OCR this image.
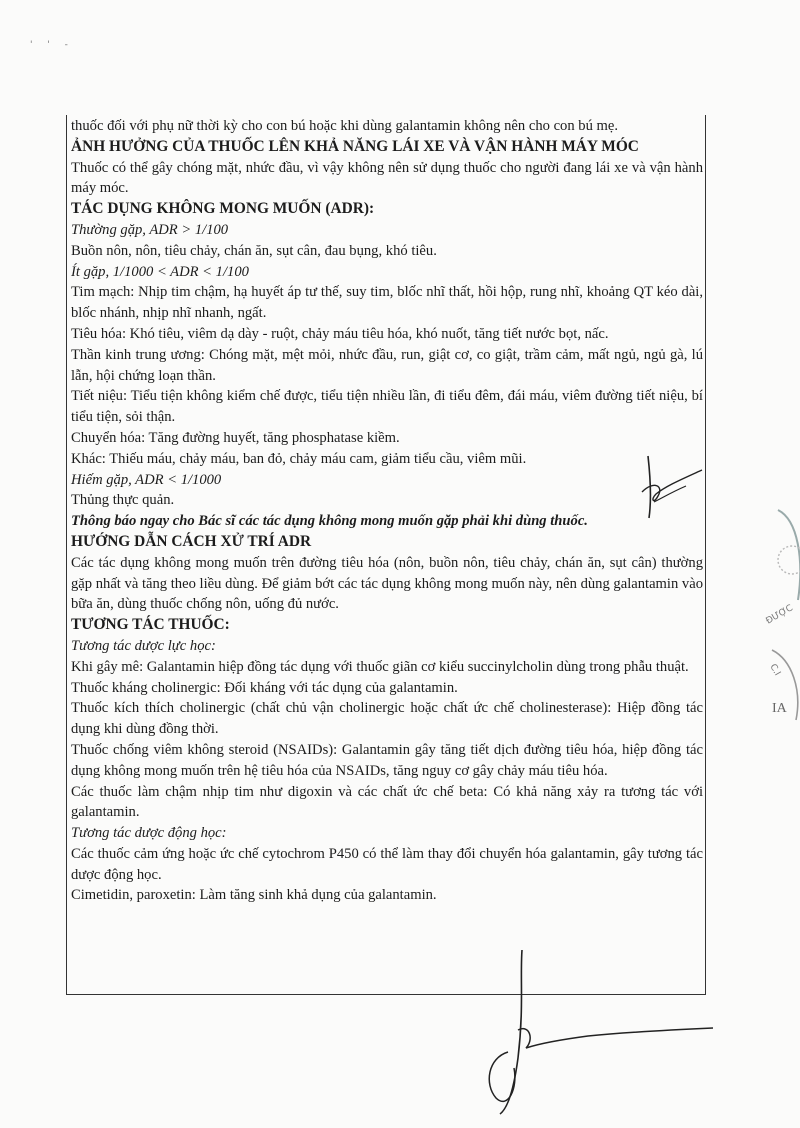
' ' -

thuốc đối với phụ nữ thời kỳ cho con bú hoặc khi dùng galantamin không nên cho con bú mẹ.

ẢNH HƯỞNG CỦA THUỐC LÊN KHẢ NĂNG LÁI XE VÀ VẬN HÀNH MÁY MÓC

Thuốc có thể gây chóng mặt, nhức đầu, vì vậy không nên sử dụng thuốc cho người đang lái xe và vận hành máy móc.

TÁC DỤNG KHÔNG MONG MUỐN (ADR):

Thường gặp, ADR > 1/100

Buồn nôn, nôn, tiêu chảy, chán ăn, sụt cân, đau bụng, khó tiêu.

Ít gặp, 1/1000 < ADR < 1/100

Tim mạch: Nhịp tim chậm, hạ huyết áp tư thế, suy tim, blốc nhĩ thất, hồi hộp, rung nhĩ, khoảng QT kéo dài, blốc nhánh, nhịp nhĩ nhanh, ngất.

Tiêu hóa: Khó tiêu, viêm dạ dày - ruột, chảy máu tiêu hóa, khó nuốt, tăng tiết nước bọt, nấc.

Thần kinh trung ương: Chóng mặt, mệt mỏi, nhức đầu, run, giật cơ, co giật, trầm cảm, mất ngủ, ngủ gà, lú lẫn, hội chứng loạn thần.

Tiết niệu: Tiểu tiện không kiểm chế được, tiểu tiện nhiều lần, đi tiểu đêm, đái máu, viêm đường tiết niệu, bí tiểu tiện, sỏi thận.

Chuyển hóa: Tăng đường huyết, tăng phosphatase kiềm.

Khác: Thiếu máu, chảy máu, ban đỏ, chảy máu cam, giảm tiểu cầu, viêm mũi.

Hiếm gặp, ADR < 1/1000

Thủng thực quản.

Thông báo ngay cho Bác sĩ các tác dụng không mong muốn gặp phải khi dùng thuốc.

HƯỚNG DẪN CÁCH XỬ TRÍ ADR

Các tác dụng không mong muốn trên đường tiêu hóa (nôn, buồn nôn, tiêu chảy, chán ăn, sụt cân) thường gặp nhất và tăng theo liều dùng. Để giảm bớt các tác dụng không mong muốn này, nên dùng galantamin vào bữa ăn, dùng thuốc chống nôn, uống đủ nước.

TƯƠNG TÁC THUỐC:

Tương tác dược lực học:

Khi gây mê: Galantamin hiệp đồng tác dụng với thuốc giãn cơ kiểu succinylcholin dùng trong phẫu thuật.

Thuốc kháng cholinergic: Đối kháng với tác dụng của galantamin.

Thuốc kích thích cholinergic (chất chủ vận cholinergic hoặc chất ức chế cholinesterase): Hiệp đồng tác dụng khi dùng đồng thời.

Thuốc chống viêm không steroid (NSAIDs): Galantamin gây tăng tiết dịch đường tiêu hóa, hiệp đồng tác dụng không mong muốn trên hệ tiêu hóa của NSAIDs, tăng nguy cơ gây chảy máu tiêu hóa.

Các thuốc làm chậm nhịp tim như digoxin và các chất ức chế beta: Có khả năng xảy ra tương tác với galantamin.

Tương tác dược động học:

Các thuốc cảm ứng hoặc ức chế cytochrom P450 có thể làm thay đổi chuyển hóa galantamin, gây tương tác dược động học.

Cimetidin, paroxetin: Làm tăng sinh khả dụng của galantamin.

IA
ĐƯỢC
C.I
